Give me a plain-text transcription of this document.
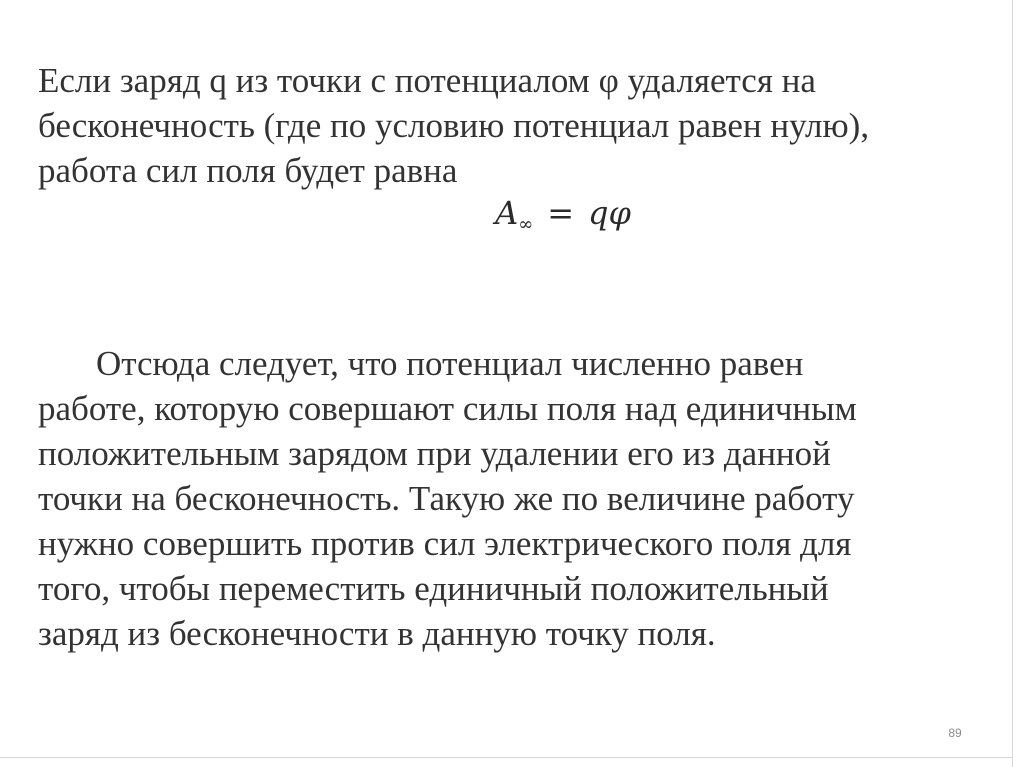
Если заряд q из точки с потенциалом φ удаляется на
бесконечность (где по условию потенциал равен нулю),
работа сил поля будет равна

$A_\infty = q\varphi$

Отсюда следует, что потенциал численно равен
работе, которую совершают силы поля над единичным
положительным зарядом при удалении его из данной
точки на бесконечность. Такую же по величине работу
нужно совершить против сил электрического поля для
того, чтобы переместить единичный положительный
заряд из бесконечности в данную точку поля.

89
